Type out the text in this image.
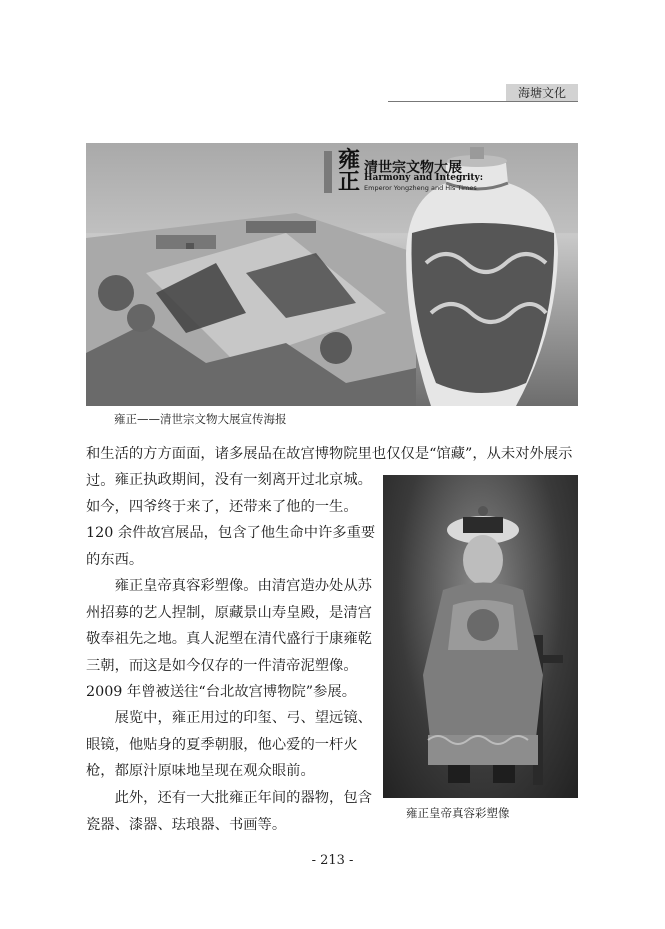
海塘文化
雍正
清世宗文物大展
Harmony and Integrity:
Emperor Yongzheng and His Times
雍正——清世宗文物大展宣传海报

和生活的方方面面，诸多展品在故宫博物院里也仅仅是“馆藏”，从未对外展示过。 雍正执政期间，没有一刻离开过北京城。如今，四爷终于来了，还带来了他的一生。120 余件故宫展品，包含了他生命中许多重要的东西。

雍正皇帝真容彩塑像。由清宫造办处从苏州招募的艺人捏制，原藏景山寿皇殿，是清宫敬奉祖先之地。真人泥塑在清代盛行于康雍乾三朝，而这是如今仅存的一件清帝泥塑像。2009 年曾被送往“台北故宫博物院”参展。

展览中，雍正用过的印玺、弓、望远镜、眼镜，他贴身的夏季朝服，他心爱的一杆火枪，都原汁原味地呈现在观众眼前。

此外，还有一大批雍正年间的器物，包含瓷器、漆器、珐琅器、书画等。

雍正皇帝真容彩塑像
- 213 -
